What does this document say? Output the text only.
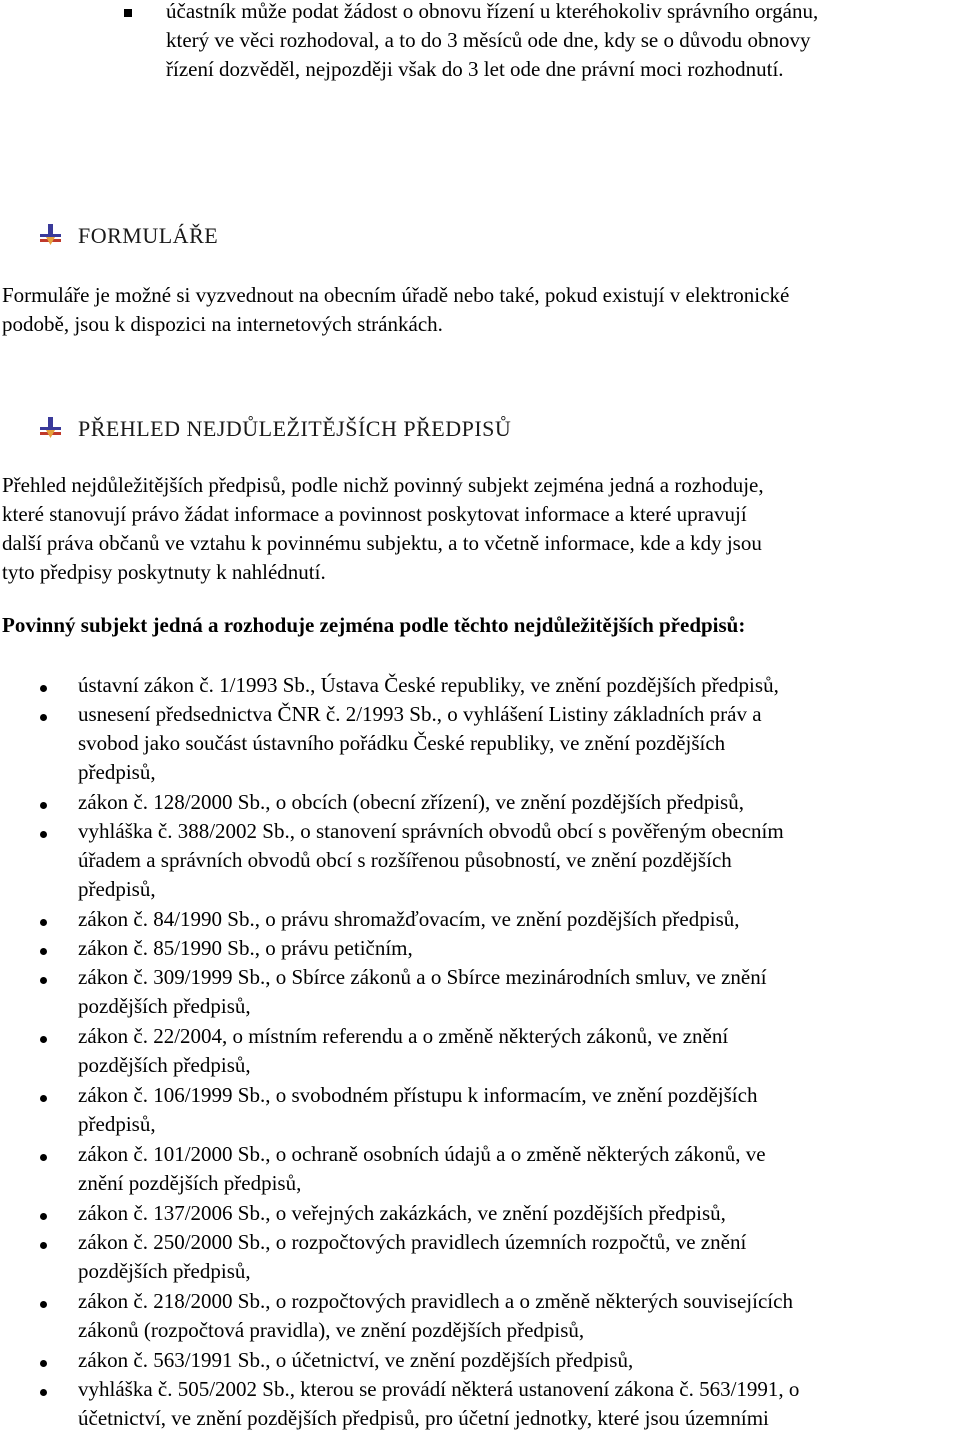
účastník může podat žádost o obnovu řízení u kteréhokoliv správního orgánu,
který ve věci rozhodoval, a to do 3 měsíců ode dne, kdy se o důvodu obnovy
řízení dozvěděl, nejpozději však do 3 let ode dne právní moci rozhodnutí.
FORMULÁŘE
Formuláře je možné si vyzvednout na obecním úřadě nebo také, pokud existují v elektronické
podobě, jsou k dispozici na internetových stránkách.
PŘEHLED NEJDŮLEŽITĚJŠÍCH PŘEDPISŮ
Přehled nejdůležitějších předpisů, podle nichž povinný subjekt zejména jedná a rozhoduje,
které stanovují právo žádat informace a povinnost poskytovat informace a které upravují
další práva občanů ve vztahu k povinnému subjektu, a to včetně informace, kde a kdy jsou
tyto předpisy poskytnuty k nahlédnutí.
Povinný subjekt jedná a rozhoduje zejména podle těchto nejdůležitějších předpisů:
ústavní zákon č. 1/1993 Sb., Ústava České republiky, ve znění pozdějších předpisů,
usnesení předsednictva ČNR č. 2/1993 Sb., o vyhlášení Listiny základních práv a
svobod jako součást ústavního pořádku České republiky, ve znění pozdějších
předpisů,
zákon č. 128/2000 Sb., o obcích (obecní zřízení), ve znění pozdějších předpisů,
vyhláška č. 388/2002 Sb., o stanovení správních obvodů obcí s pověřeným obecním
úřadem a správních obvodů obcí s rozšířenou působností, ve znění pozdějších
předpisů,
zákon č. 84/1990 Sb., o právu shromažďovacím, ve znění pozdějších předpisů,
zákon č. 85/1990 Sb., o právu petičním,
zákon č. 309/1999 Sb., o Sbírce zákonů a o Sbírce mezinárodních smluv, ve znění
pozdějších předpisů,
zákon č. 22/2004, o místním referendu a o změně některých zákonů, ve znění
pozdějších předpisů,
zákon č. 106/1999 Sb., o svobodném přístupu k informacím, ve znění pozdějších
předpisů,
zákon č. 101/2000 Sb., o ochraně osobních údajů a o změně některých zákonů, ve
znění pozdějších předpisů,
zákon č. 137/2006 Sb., o veřejných zakázkách, ve znění pozdějších předpisů,
zákon č. 250/2000 Sb., o rozpočtových pravidlech územních rozpočtů, ve znění
pozdějších předpisů,
zákon č. 218/2000 Sb., o rozpočtových pravidlech a o změně některých souvisejících
zákonů (rozpočtová pravidla), ve znění pozdějších předpisů,
zákon č. 563/1991 Sb., o účetnictví, ve znění pozdějších předpisů,
vyhláška č. 505/2002 Sb., kterou se provádí některá ustanovení zákona č. 563/1991, o
účetnictví, ve znění pozdějších předpisů, pro účetní jednotky, které jsou územními
